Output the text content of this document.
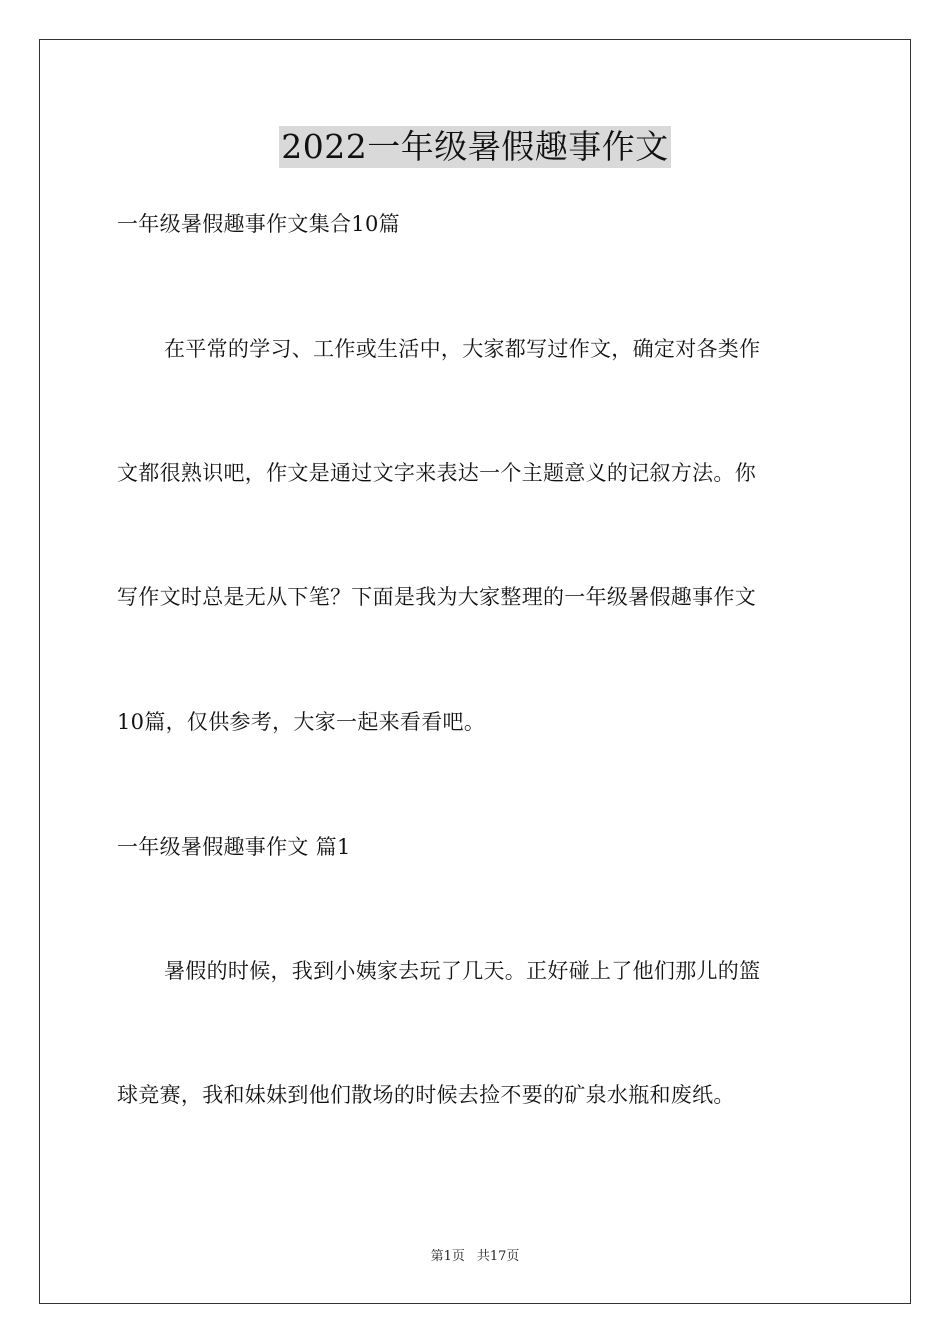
2022一年级暑假趣事作文

一年级暑假趣事作文集合10篇

在平常的学习、工作或生活中，大家都写过作文，确定对各类作

文都很熟识吧，作文是通过文字来表达一个主题意义的记叙方法。你

写作文时总是无从下笔？下面是我为大家整理的一年级暑假趣事作文

10篇，仅供参考，大家一起来看看吧。

一年级暑假趣事作文 篇1

暑假的时候，我到小姨家去玩了几天。正好碰上了他们那儿的篮

球竞赛，我和妹妹到他们散场的时候去捡不要的矿泉水瓶和废纸。

第1页 共17页
